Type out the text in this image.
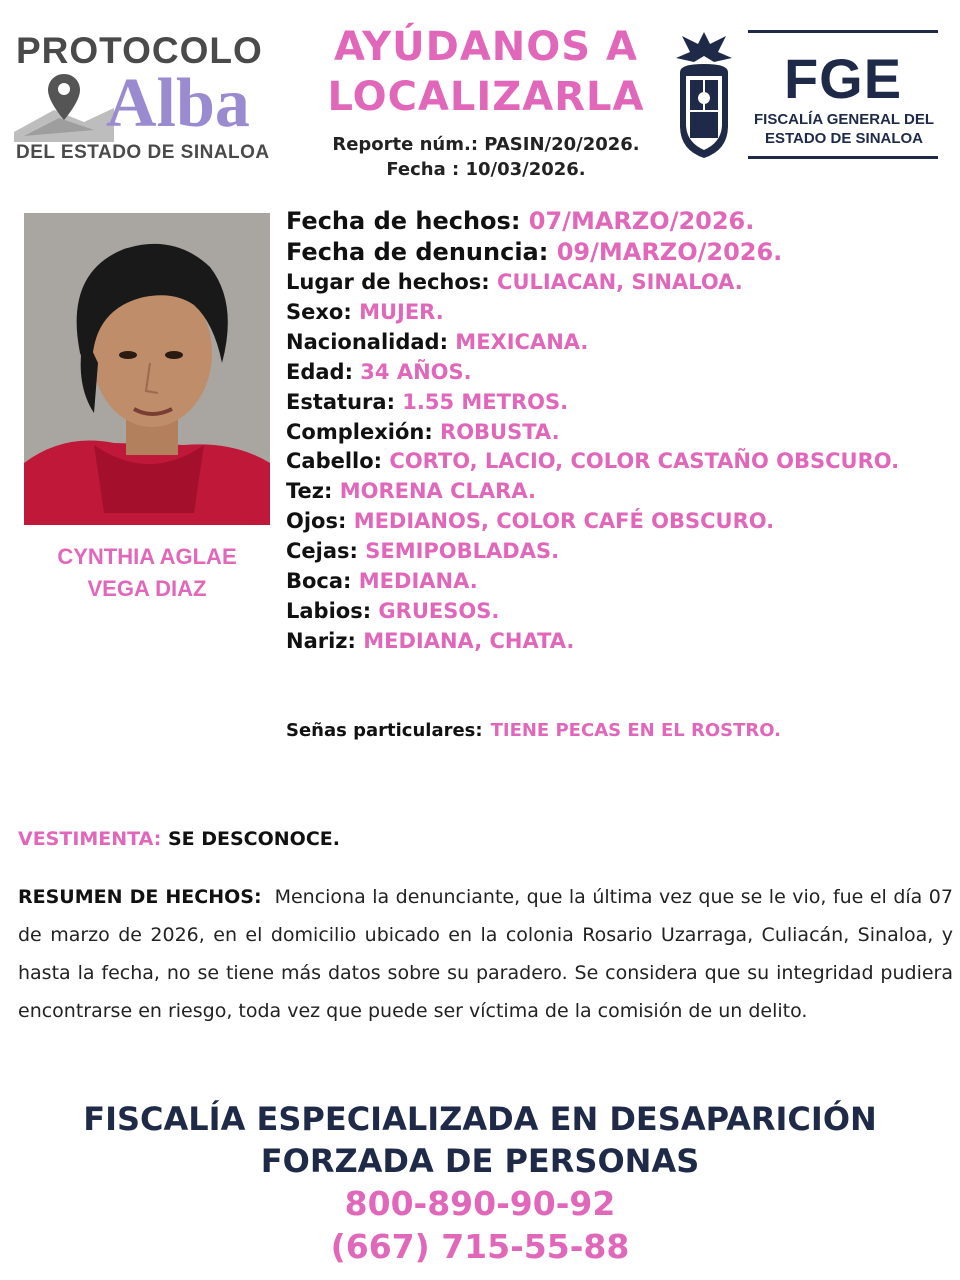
PROTOCOLO
Alba
DEL ESTADO DE SINALOA
AYÚDANOS A
LOCALIZARLA
Reporte núm.: PASIN/20/2026.
Fecha : 10/03/2026.
FGE
FISCALÍA GENERAL DEL
ESTADO DE SINALOA
CYNTHIA AGLAE
VEGA DIAZ
Fecha de hechos: 07/MARZO/2026.
Fecha de denuncia: 09/MARZO/2026.
Lugar de hechos: CULIACAN, SINALOA.
Sexo: MUJER.
Nacionalidad: MEXICANA.
Edad: 34 AÑOS.
Estatura: 1.55 METROS.
Complexión: ROBUSTA.
Cabello: CORTO, LACIO, COLOR CASTAÑO OBSCURO.
Tez: MORENA CLARA.
Ojos: MEDIANOS, COLOR CAFÉ OBSCURO.
Cejas: SEMIPOBLADAS.
Boca: MEDIANA.
Labios: GRUESOS.
Nariz: MEDIANA, CHATA.
Señas particulares: TIENE PECAS EN EL ROSTRO.
VESTIMENTA: SE DESCONOCE.
RESUMEN DE HECHOS: Menciona la denunciante, que la última vez que se le vio, fue el día 07 de marzo de 2026, en el domicilio ubicado en la colonia Rosario Uzarraga, Culiacán, Sinaloa, y hasta la fecha, no se tiene más datos sobre su paradero. Se considera que su integridad pudiera encontrarse en riesgo, toda vez que puede ser víctima de la comisión de un delito.
FISCALÍA ESPECIALIZADA EN DESAPARICIÓN
FORZADA DE PERSONAS
800-890-90-92
(667) 715-55-88
